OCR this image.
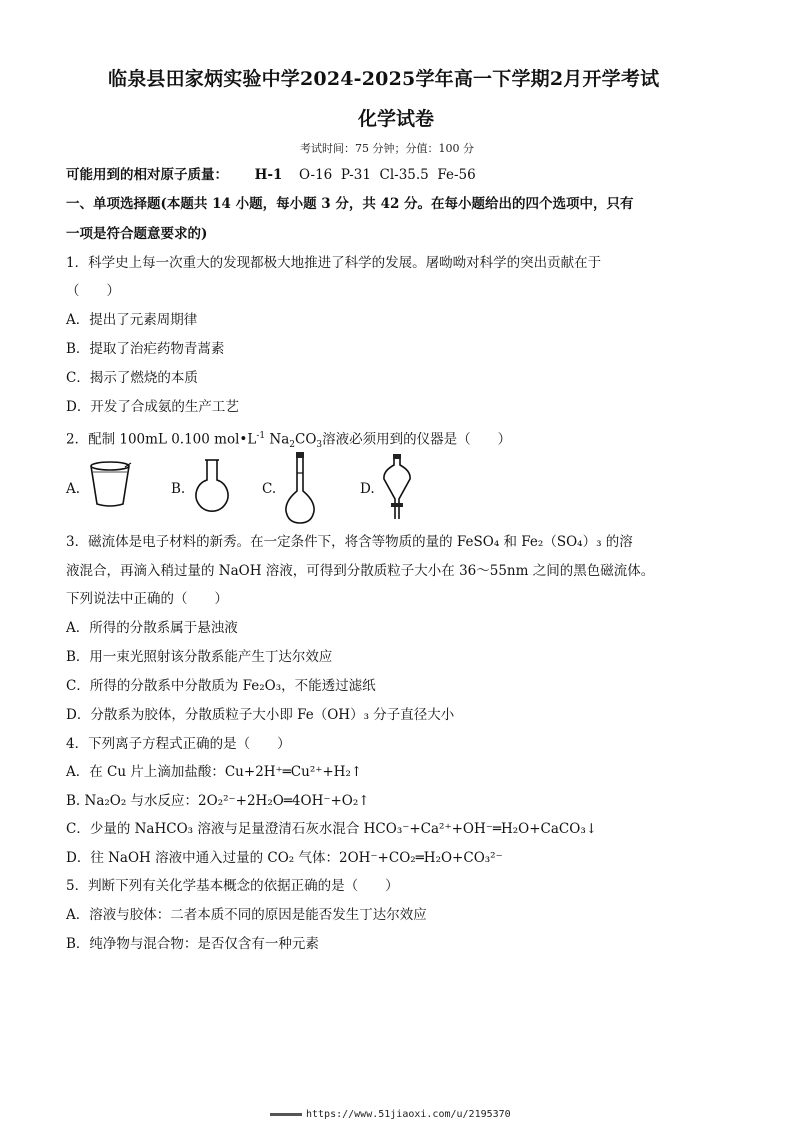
临泉县田家炳实验中学2024-2025学年高一下学期2月开学考试
化学试卷
考试时间：75 分钟；分值：100 分
可能用到的相对原子质量： H-1 O-16  P-31  Cl-35.5  Fe-56
一、单项选择题(本题共 14 小题，每小题 3 分，共 42 分。在每小题给出的四个选项中，只有
一项是符合题意要求的)
1．科学史上每一次重大的发现都极大地推进了科学的发展。屠呦呦对科学的突出贡献在于
（　　）
A．提出了元素周期律
B．提取了治疟药物青蒿素
C．揭示了燃烧的本质
D．开发了合成氨的生产工艺
2．配制 100mL 0.100 $mol•L^{-1}$ $Na_2CO_3$溶液必须用到的仪器是（　　）
A.	B.	C.	D.
3．磁流体是电子材料的新秀。在一定条件下，将含等物质的量的 FeSO₄ 和 Fe₂（SO₄）₃ 的溶
液混合，再滴入稍过量的 NaOH 溶液，可得到分散质粒子大小在 36～55nm 之间的黑色磁流体。
下列说法中正确的（　　）
A．所得的分散系属于悬浊液
B．用一束光照射该分散系能产生丁达尔效应
C．所得的分散系中分散质为 Fe₂O₃，不能透过滤纸
D．分散系为胶体，分散质粒子大小即 Fe（OH）₃ 分子直径大小
4．下列离子方程式正确的是（　　）
A．在 Cu 片上滴加盐酸：Cu+2H⁺═Cu²⁺+H₂↑
B. Na₂O₂ 与水反应：2O₂²⁻+2H₂O═4OH⁻+O₂↑
C．少量的 NaHCO₃ 溶液与足量澄清石灰水混合 HCO₃⁻+Ca²⁺+OH⁻═H₂O+CaCO₃↓
D．往 NaOH 溶液中通入过量的 CO₂ 气体：2OH⁻+CO₂═H₂O+CO₃²⁻
5．判断下列有关化学基本概念的依据正确的是（　　）
A．溶液与胶体：二者本质不同的原因是能否发生丁达尔效应
B．纯净物与混合物：是否仅含有一种元素
https://www.51jiaoxi.com/u/2195370
